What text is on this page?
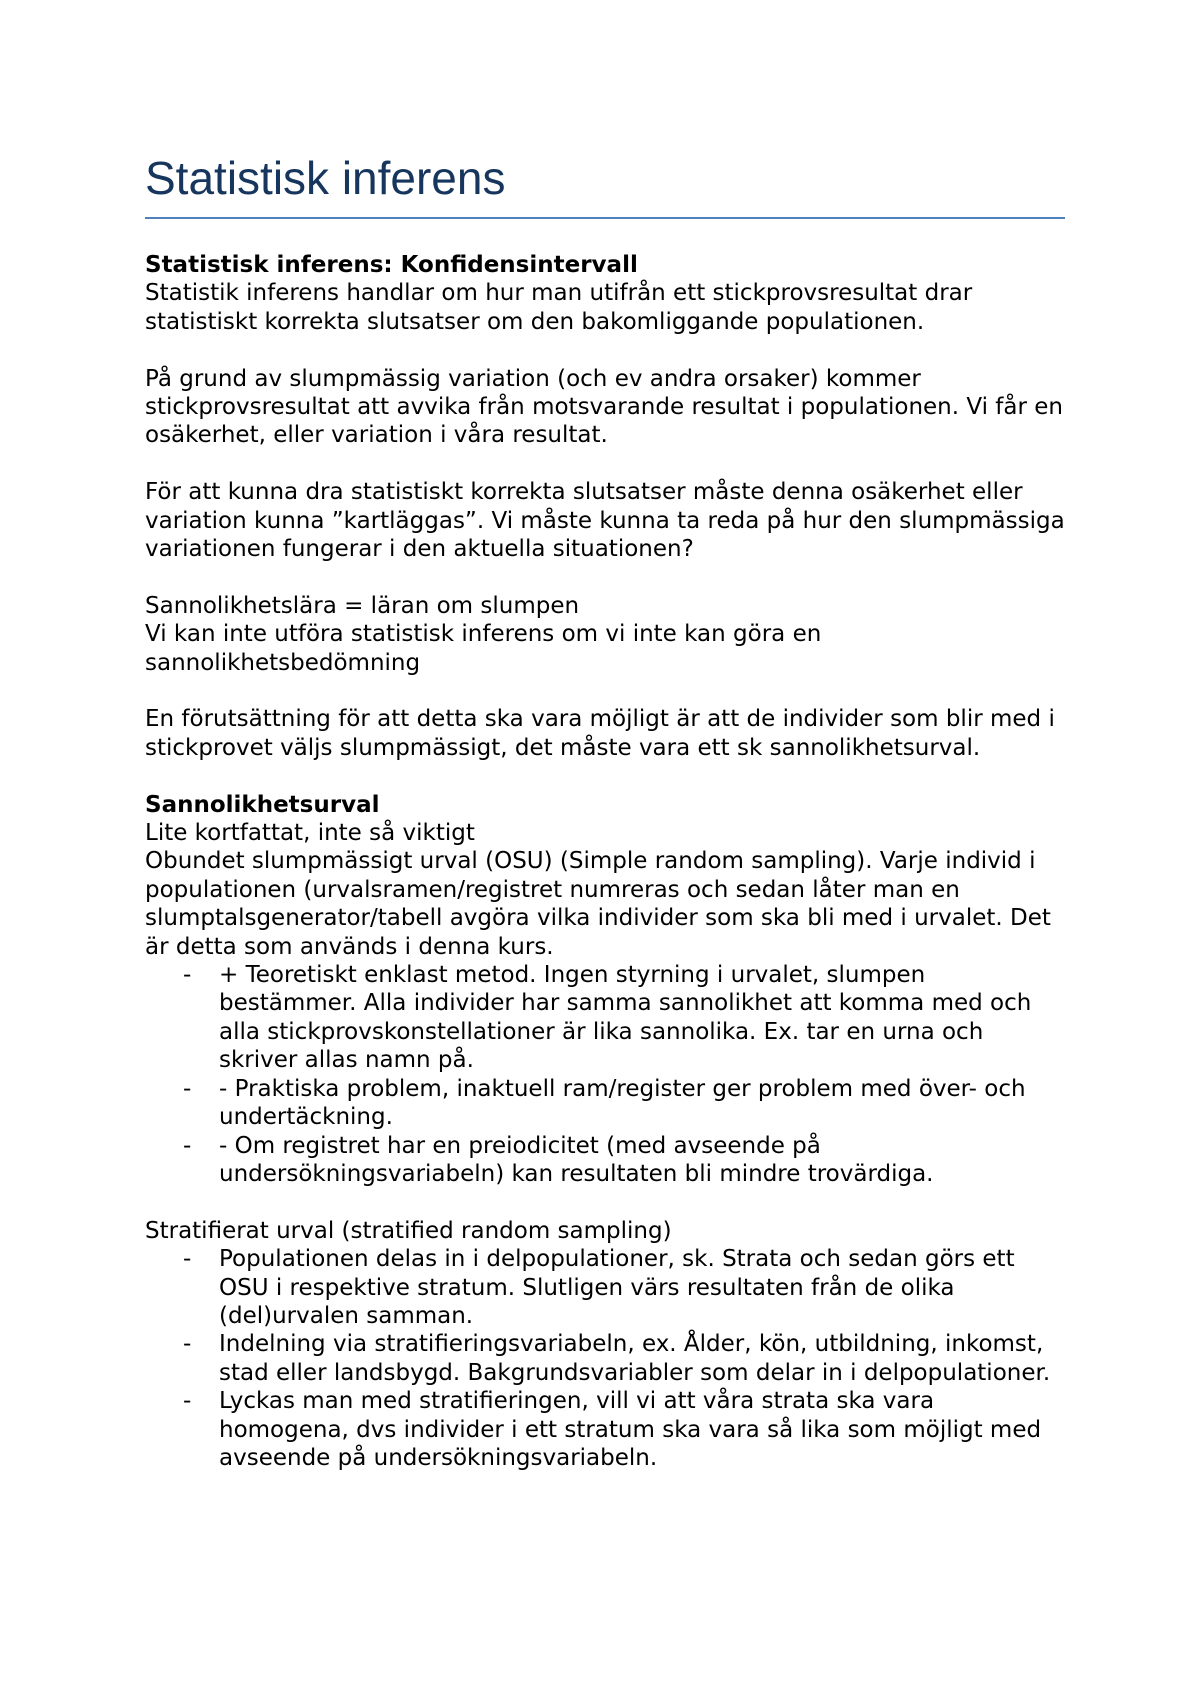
Statistisk inferens

Statistisk inferens: Konfidensintervall

Statistik inferens handlar om hur man utifrån ett stickprovsresultat drar statistiskt korrekta slutsatser om den bakomliggande populationen.

På grund av slumpmässig variation (och ev andra orsaker) kommer stickprovsresultat att avvika från motsvarande resultat i populationen. Vi får en osäkerhet, eller variation i våra resultat.

För att kunna dra statistiskt korrekta slutsatser måste denna osäkerhet eller variation kunna ”kartläggas”. Vi måste kunna ta reda på hur den slumpmässiga variationen fungerar i den aktuella situationen?

Sannolikhetslära = läran om slumpen

Vi kan inte utföra statistisk inferens om vi inte kan göra en sannolikhetsbedömning

En förutsättning för att detta ska vara möjligt är att de individer som blir med i stickprovet väljs slumpmässigt, det måste vara ett sk sannolikhetsurval.

Sannolikhetsurval

Lite kortfattat, inte så viktigt

Obundet slumpmässigt urval (OSU) (Simple random sampling). Varje individ i populationen (urvalsramen/registret numreras och sedan låter man en slumptalsgenerator/tabell avgöra vilka individer som ska bli med i urvalet. Det är detta som används i denna kurs.

- + Teoretiskt enklast metod. Ingen styrning i urvalet, slumpen bestämmer. Alla individer har samma sannolikhet att komma med och alla stickprovskonstellationer är lika sannolika. Ex. tar en urna och skriver allas namn på.
- - Praktiska problem, inaktuell ram/register ger problem med över- och undertäckning.
- - Om registret har en preiodicitet (med avseende på undersökningsvariabeln) kan resultaten bli mindre trovärdiga.

Stratifierat urval (stratified random sampling)

- Populationen delas in i delpopulationer, sk. Strata och sedan görs ett OSU i respektive stratum. Slutligen värs resultaten från de olika (del)urvalen samman.
- Indelning via stratifieringsvariabeln, ex. Ålder, kön, utbildning, inkomst, stad eller landsbygd. Bakgrundsvariabler som delar in i delpopulationer.
- Lyckas man med stratifieringen, vill vi att våra strata ska vara homogena, dvs individer i ett stratum ska vara så lika som möjligt med avseende på undersökningsvariabeln.
